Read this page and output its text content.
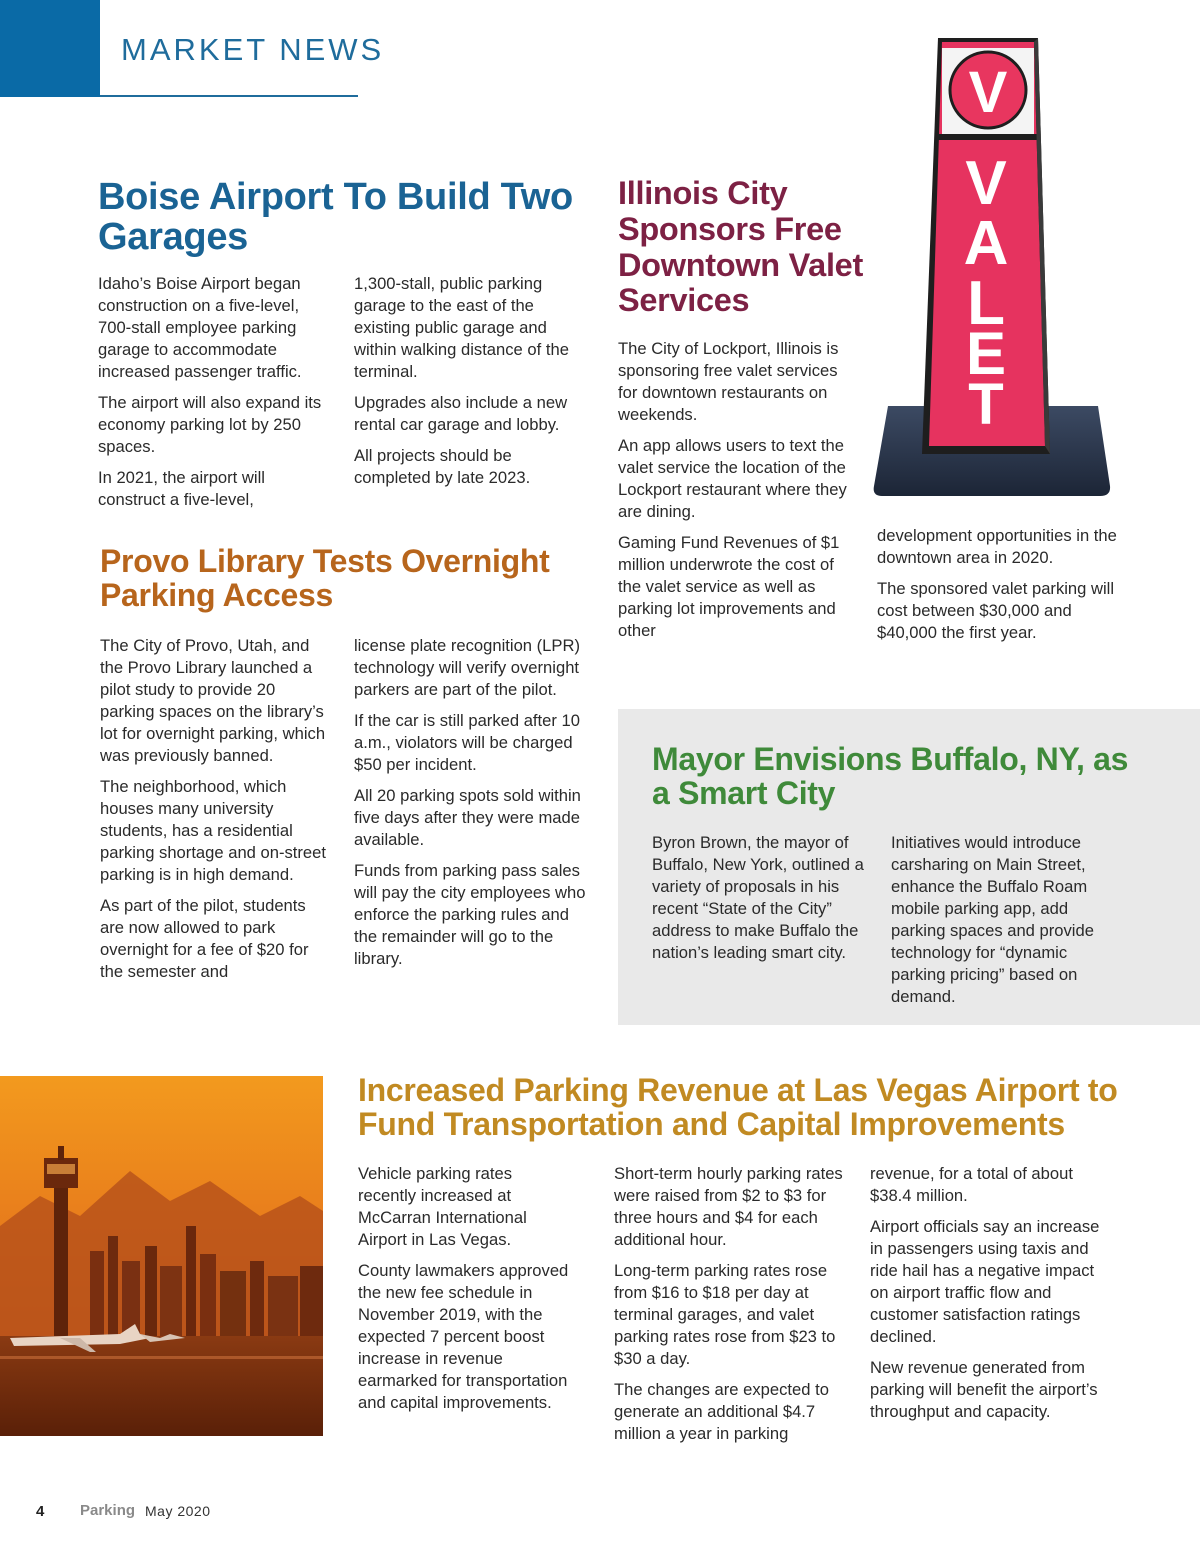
MARKET NEWS
Boise Airport To Build Two Garages

Idaho’s Boise Airport began construction on a five-level, 700-stall employee parking garage to accommodate increased passenger traffic.

The airport will also expand its economy parking lot by 250 spaces.

In 2021, the airport will construct a five-level,

1,300-stall, public parking garage to the east of the existing public garage and within walking distance of the terminal.

Upgrades also include a new rental car garage and lobby.

All projects should be completed by late 2023.

Provo Library Tests Overnight Parking Access

The City of Provo, Utah, and the Provo Library launched a pilot study to provide 20 parking spaces on the library’s lot for overnight parking, which was previously banned.

The neighborhood, which houses many university students, has a residential parking shortage and on-street parking is in high demand.

As part of the pilot, students are now allowed to park overnight for a fee of $20 for the semester and

license plate recognition (LPR) technology will verify overnight parkers are part of the pilot.

If the car is still parked after 10 a.m., violators will be charged $50 per incident.

All 20 parking spots sold within five days after they were made available.

Funds from parking pass sales will pay the city employees who enforce the parking rules and the remainder will go to the library.

Illinois City Sponsors Free Downtown Valet Services

The City of Lockport, Illinois is sponsoring free valet services for downtown restaurants on weekends.

An app allows users to text the valet service the location of the Lockport restaurant where they are dining.

Gaming Fund Revenues of $1 million underwrote the cost of the valet service as well as parking lot improvements and other

development opportunities in the downtown area in 2020.

The sponsored valet parking will cost between $30,000 and $40,000 the first year.

V
V
A
L
E
T
Mayor Envisions Buffalo, NY, as a Smart City

Byron Brown, the mayor of Buffalo, New York, outlined a variety of proposals in his recent “State of the City” address to make Buffalo the nation’s leading smart city.

Initiatives would introduce carsharing on Main Street, enhance the Buffalo Roam mobile parking app, add parking spaces and provide technology for “dynamic parking pricing” based on demand.

Increased Parking Revenue at Las Vegas Airport to Fund Transportation and Capital Improvements

Vehicle parking rates recently increased at McCarran International Airport in Las Vegas.

County lawmakers approved the new fee schedule in November 2019, with the expected 7 percent boost increase in revenue earmarked for transportation and capital improvements.

Short-term hourly parking rates were raised from $2 to $3 for three hours and $4 for each additional hour.

Long-term parking rates rose from $16 to $18 per day at terminal garages, and valet parking rates rose from $23 to $30 a day.

The changes are expected to generate an additional $4.7 million a year in parking

revenue, for a total of about $38.4 million.

Airport officials say an increase in passengers using taxis and ride hail has a negative impact on airport traffic flow and customer satisfaction ratings declined.

New revenue generated from parking will benefit the airport’s throughput and capacity.

4 Parking May 2020
